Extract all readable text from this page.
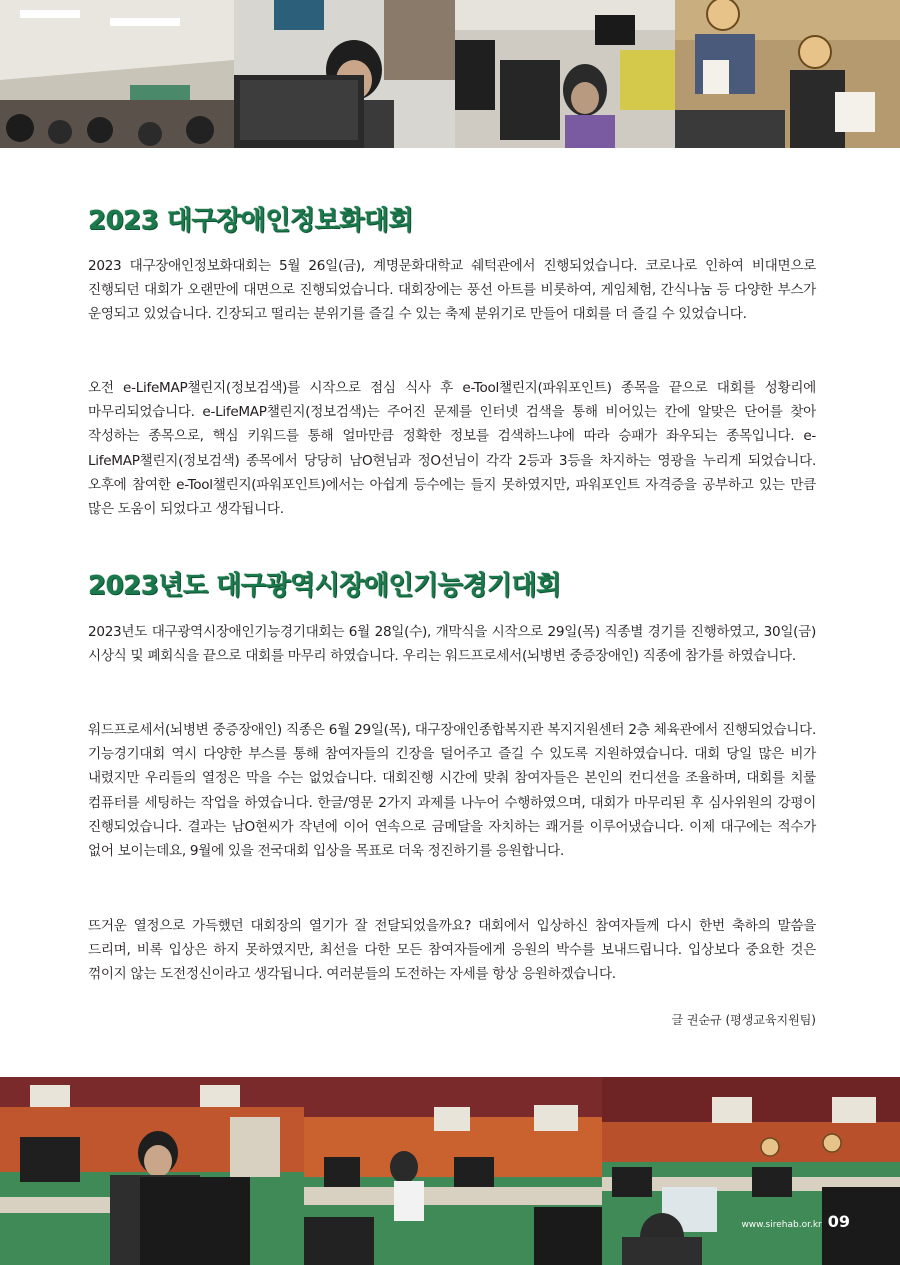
2023 대구장애인정보화대회

2023 대구장애인정보화대회는 5월 26일(금), 계명문화대학교 쉐턱관에서 진행되었습니다. 코로나로 인하여 비대면으로 진행되던 대회가 오랜만에 대면으로 진행되었습니다. 대회장에는 풍선 아트를 비롯하여, 게임체험, 간식나눔 등 다양한 부스가 운영되고 있었습니다. 긴장되고 떨리는 분위기를 즐길 수 있는 축제 분위기로 만들어 대회를 더 즐길 수 있었습니다.

오전 e-LifeMAP챌린지(정보검색)를 시작으로 점심 식사 후 e-Tool챌린지(파워포인트) 종목을 끝으로 대회를 성황리에 마무리되었습니다. e-LifeMAP챌린지(정보검색)는 주어진 문제를 인터넷 검색을 통해 비어있는 칸에 알맞은 단어를 찾아 작성하는 종목으로, 핵심 키워드를 통해 얼마만큼 정확한 정보를 검색하느냐에 따라 승패가 좌우되는 종목입니다. e-LifeMAP챌린지(정보검색) 종목에서 당당히 남O현님과 정O선님이 각각 2등과 3등을 차지하는 영광을 누리게 되었습니다. 오후에 참여한 e-Tool챌린지(파워포인트)에서는 아쉽게 등수에는 들지 못하였지만, 파워포인트 자격증을 공부하고 있는 만큼 많은 도움이 되었다고 생각됩니다.

2023년도 대구광역시장애인기능경기대회

2023년도 대구광역시장애인기능경기대회는 6월 28일(수), 개막식을 시작으로 29일(목) 직종별 경기를 진행하였고, 30일(금) 시상식 및 폐회식을 끝으로 대회를 마무리 하였습니다. 우리는 워드프로세서(뇌병변 중증장애인) 직종에 참가를 하였습니다.

워드프로세서(뇌병변 중증장애인) 직종은 6월 29일(목), 대구장애인종합복지관 복지지원센터 2층 체육관에서 진행되었습니다. 기능경기대회 역시 다양한 부스를 통해 참여자들의 긴장을 덜어주고 즐길 수 있도록 지원하였습니다. 대회 당일 많은 비가 내렸지만 우리들의 열정은 막을 수는 없었습니다. 대회진행 시간에 맞춰 참여자들은 본인의 컨디션을 조율하며, 대회를 치룰 컴퓨터를 세팅하는 작업을 하였습니다. 한글/영문 2가지 과제를 나누어 수행하였으며, 대회가 마무리된 후 심사위원의 강평이 진행되었습니다. 결과는 남O현씨가 작년에 이어 연속으로 금메달을 자치하는 쾌거를 이루어냈습니다. 이제 대구에는 적수가 없어 보이는데요, 9월에 있을 전국대회 입상을 목표로 더욱 정진하기를 응원합니다.

뜨거운 열정으로 가득했던 대회장의 열기가 잘 전달되었을까요? 대회에서 입상하신 참여자들께 다시 한번 축하의 말씀을 드리며, 비록 입상은 하지 못하였지만, 최선을 다한 모든 참여자들에게 응원의 박수를 보내드립니다. 입상보다 중요한 것은 꺾이지 않는 도전정신이라고 생각됩니다. 여러분들의 도전하는 자세를 항상 응원하겠습니다.

글 권순규 (평생교육지원팀)

www.sirehab.or.kr 09
